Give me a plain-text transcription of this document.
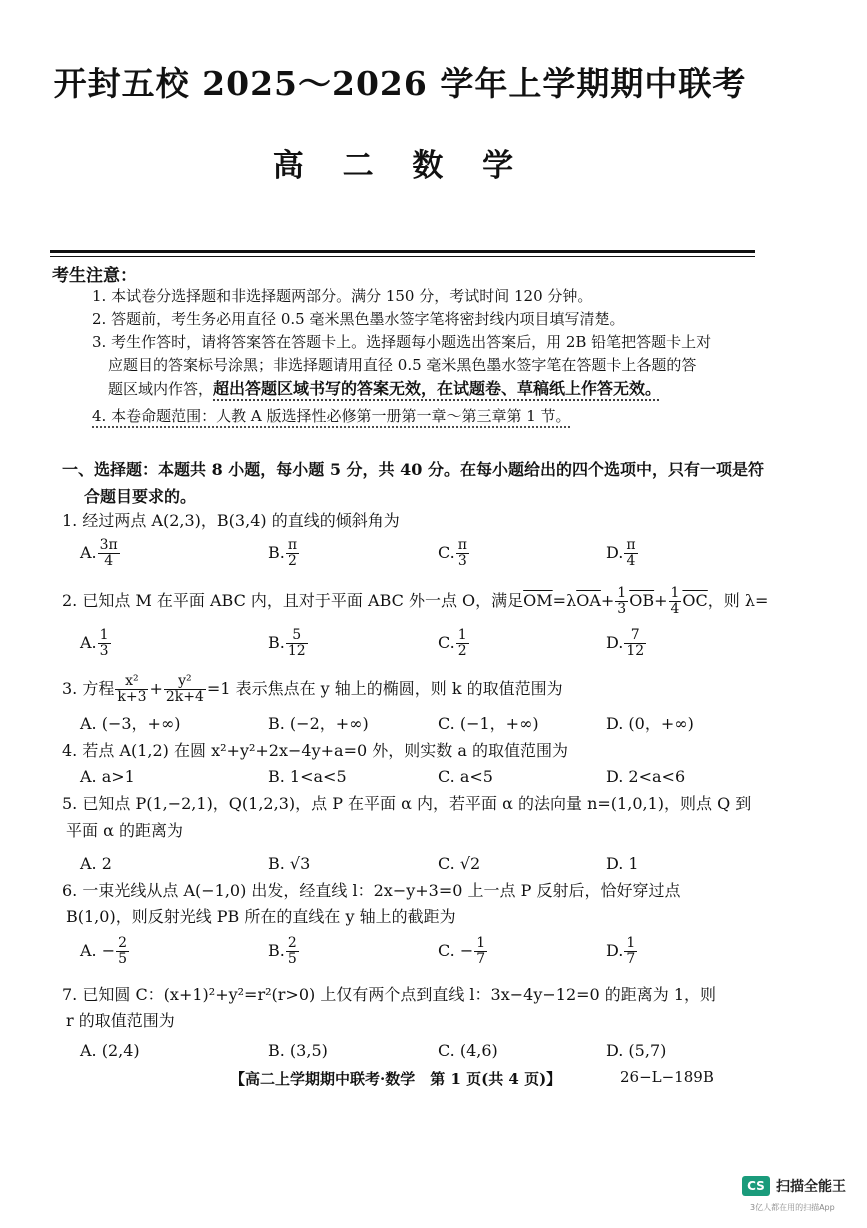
开封五校 2025～2026 学年上学期期中联考
高 二 数 学
考生注意：
1. 本试卷分选择题和非选择题两部分。满分 150 分，考试时间 120 分钟。
2. 答题前，考生务必用直径 0.5 毫米黑色墨水签字笔将密封线内项目填写清楚。
3. 考生作答时，请将答案答在答题卡上。选择题每小题选出答案后，用 2B 铅笔把答题卡上对
应题目的答案标号涂黑；非选择题请用直径 0.5 毫米黑色墨水签字笔在答题卡上各题的答
题区域内作答，超出答题区域书写的答案无效，在试题卷、草稿纸上作答无效。
4. 本卷命题范围：人教 A 版选择性必修第一册第一章～第三章第 1 节。
一、选择题：本题共 8 小题，每小题 5 分，共 40 分。在每小题给出的四个选项中，只有一项是符
合题目要求的。
1. 经过两点 A(2,3)，B(3,4) 的直线的倾斜角为
A. $\frac{3\pi}{4}$	B. $\frac{\pi}{2}$	C. $\frac{\pi}{3}$	D. $\frac{\pi}{4}$
2. 已知点 M 在平面 ABC 内，且对于平面 ABC 外一点 O，满足$\overline{OM}=\lambda\overline{OA}+ \frac{1}{3} \overline{OB}+ \frac{1}{4} \overline{OC}$，则 λ=
A. $\frac{1}{3}$	B. $\frac{5}{12}$	C. $\frac{1}{2}$	D. $\frac{7}{12}$
3. 方程 $\frac{\text{x²}}{k+3} + \frac{\text{y²}}{2k+4} =1$ 表示焦点在 y 轴上的椭圆，则 k 的取值范围为
A. (−3，+∞)	B. (−2，+∞)	C. (−1，+∞)	D. (0，+∞)
4. 若点 A(1,2) 在圆 x²+y²+2x−4y+a=0 外，则实数 a 的取值范围为
A. a>1	B. 1<a<5	C. a<5	D. 2<a<6
5. 已知点 P(1,−2,1)，Q(1,2,3)，点 P 在平面 α 内，若平面 α 的法向量 n=(1,0,1)，则点 Q 到
平面 α 的距离为
A. 2	B. √3	C. √2	D. 1
6. 一束光线从点 A(−1,0) 出发，经直线 l：2x−y+3=0 上一点 P 反射后，恰好穿过点
B(1,0)，则反射光线 PB 所在的直线在 y 轴上的截距为
A. − $\frac{2}{5}$	B. $\frac{2}{5}$	C. − $\frac{1}{7}$	D. $\frac{1}{7}$
7. 已知圆 C：(x+1)²+y²=r²(r>0) 上仅有两个点到直线 l：3x−4y−12=0 的距离为 1，则
r 的取值范围为
A. (2,4)	B. (3,5)	C. (4,6)	D. (5,7)
【高二上学期期中联考·数学　第 1 页(共 4 页)】	26−L−189B
CS 扫描全能王
3亿人都在用的扫描App
